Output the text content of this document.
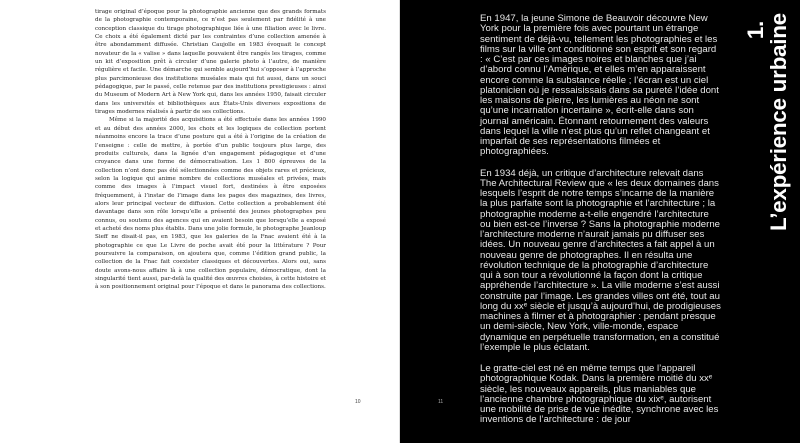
tirage original d’époque pour la photographie ancienne que des grands formats de la photographie contemporaine, ce n’est pas seulement par fidélité à une conception classique du tirage photographique liée à une filiation avec le livre. Ce choix a été également dicté par les contraintes d’une collection amenée à être abondamment diffusée. Christian Caujolle en 1983 évoquait le concept novateur de la « valise » dans laquelle pouvaient être rangés les tirages, comme un kit d’exposition prêt à circuler d’une galerie photo à l’autre, de manière régulière et facile. Une démarche qui semble aujourd’hui s’opposer à l’approche plus parcimonieuse des institutions muséales mais qui fut aussi, dans un souci pédagogique, par le passé, celle retenue par des institutions prestigieuses : ainsi du Museum of Modern Art à New York qui, dans les années 1950, faisait circuler dans les universités et bibliothèques aux États-Unis diverses expositions de tirages modernes réalisés à partir de ses collections.

Même si la majorité des acquisitions a été effectuée dans les années 1990 et au début des années 2000, les choix et les logiques de collection portent néanmoins encore la trace d’une posture qui a été à l’origine de la création de l’enseigne : celle de mettre, à portée d’un public toujours plus large, des produits culturels, dans la lignée d’un engagement pédagogique et d’une croyance dans une forme de démocratisation. Les 1 800 épreuves de la collection n’ont donc pas été sélectionnées comme des objets rares et précieux, selon la logique qui anime nombre de collections muséales et privées, mais comme des images à l’impact visuel fort, destinées à être exposées fréquemment, à l’instar de l’image dans les pages des magazines, des livres, alors leur principal vecteur de diffusion. Cette collection a probablement été davantage dans son rôle lorsqu’elle a présenté des jeunes photographes peu connus, ou soutenu des agences qui en avaient besoin que lorsqu’elle a exposé et acheté des noms plus établis. Dans une jolie formule, le photographe Jeanloup Sieff ne disait-il pas, en 1983, que les galeries de la Fnac avaient été à la photographie ce que Le Livre de poche avait été pour la littérature ? Pour poursuivre la comparaison, on ajoutera que, comme l’édition grand public, la collection de la Fnac fait coexister classiques et découvertes. Alors oui, sans doute avons-nous affaire là à une collection populaire, démocratique, dont la singularité tient aussi, par-delà la qualité des œuvres choisies, à cette histoire et à son positionnement original pour l’époque et dans le panorama des collections.

10

En 1947, la jeune Simone de Beauvoir découvre New York pour la première fois avec pourtant un étrange sentiment de déjà-vu, tellement les photographies et les films sur la ville ont conditionné son esprit et son regard : « C’est par ces images noires et blanches que j’ai d’abord connu l’Amérique, et elles m’en apparaissent encore comme la substance réelle ; l’écran est un ciel platonicien où je ressaisissais dans sa pureté l’idée dont les maisons de pierre, les lumières au néon ne sont qu’une incarnation incertaine », écrit-elle dans son journal américain. Étonnant retournement des valeurs dans lequel la ville n’est plus qu’un reflet changeant et imparfait de ses représentations filmées et photographiées.

En 1934 déjà, un critique d’architecture relevait dans The Architectural Review que « les deux domaines dans lesquels l’esprit de notre temps s’incarne de la manière la plus parfaite sont la photographie et l’architecture ; la photographie moderne a-t-elle engendré l’architecture ou bien est-ce l’inverse ? Sans la photographie moderne l’architecture moderne n’aurait jamais pu diffuser ses idées. Un nouveau genre d’architectes a fait appel à un nouveau genre de photographes. Il en résulta une révolution technique de la photographie d’architecture qui à son tour a révolutionné la façon dont la critique appréhende l’architecture ». La ville moderne s’est aussi construite par l’image. Les grandes villes ont été, tout au long du xxᵉ siècle et jusqu’à aujourd’hui, de prodigieuses machines à filmer et à photographier : pendant presque un demi-siècle, New York, ville-monde, espace dynamique en perpétuelle transformation, en a constitué l’exemple le plus éclatant.

Le gratte-ciel est né en même temps que l’appareil photographique Kodak. Dans la première moitié du xxᵉ siècle, les nouveaux appareils, plus maniables que l’ancienne chambre photographique du xixᵉ, autorisent une mobilité de prise de vue inédite, synchrone avec les inventions de l’architecture : de jour

1.
L’expérience urbaine
11
